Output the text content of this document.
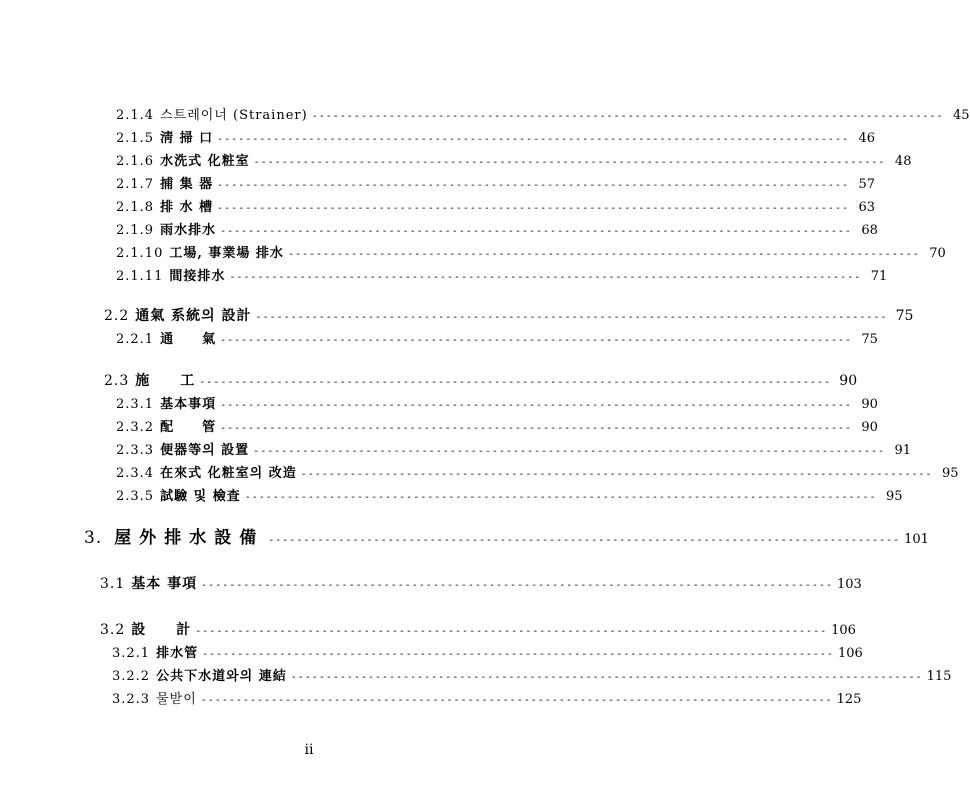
2.1.4 스트레이너 (Strainer) ------------------------------------------------------------------------------------------ 45
2.1.5 淸 掃 口 ------------------------------------------------------------------------------------------ 46
2.1.6 水洗式 化粧室 ------------------------------------------------------------------------------------------ 48
2.1.7 捕 集 器 ------------------------------------------------------------------------------------------ 57
2.1.8 排 水 槽 ------------------------------------------------------------------------------------------ 63
2.1.9 雨水排水 ------------------------------------------------------------------------------------------ 68
2.1.10 工場, 事業場 排水 ------------------------------------------------------------------------------------------ 70
2.1.11 間接排水 ------------------------------------------------------------------------------------------ 71
2.2 通氣 系統의 設計 ------------------------------------------------------------------------------------------ 75
2.2.1 通　　氣 ------------------------------------------------------------------------------------------ 75
2.3 施　　工 ------------------------------------------------------------------------------------------ 90
2.3.1 基本事項 ------------------------------------------------------------------------------------------ 90
2.3.2 配　　管 ------------------------------------------------------------------------------------------ 90
2.3.3 便器等의 設置 ------------------------------------------------------------------------------------------ 91
2.3.4 在來式 化粧室의 改造 ------------------------------------------------------------------------------------------ 95
2.3.5 試驗 및 檢査 ------------------------------------------------------------------------------------------ 95
3. 屋外排水設備 ------------------------------------------------------------------------------------------ 101
3.1 基本 事項 ------------------------------------------------------------------------------------------ 103
3.2 設　　計 ------------------------------------------------------------------------------------------ 106
3.2.1 排水管 ------------------------------------------------------------------------------------------ 106
3.2.2 公共下水道와의 連結 ------------------------------------------------------------------------------------------ 115
3.2.3 물받이 ------------------------------------------------------------------------------------------ 125
ii
